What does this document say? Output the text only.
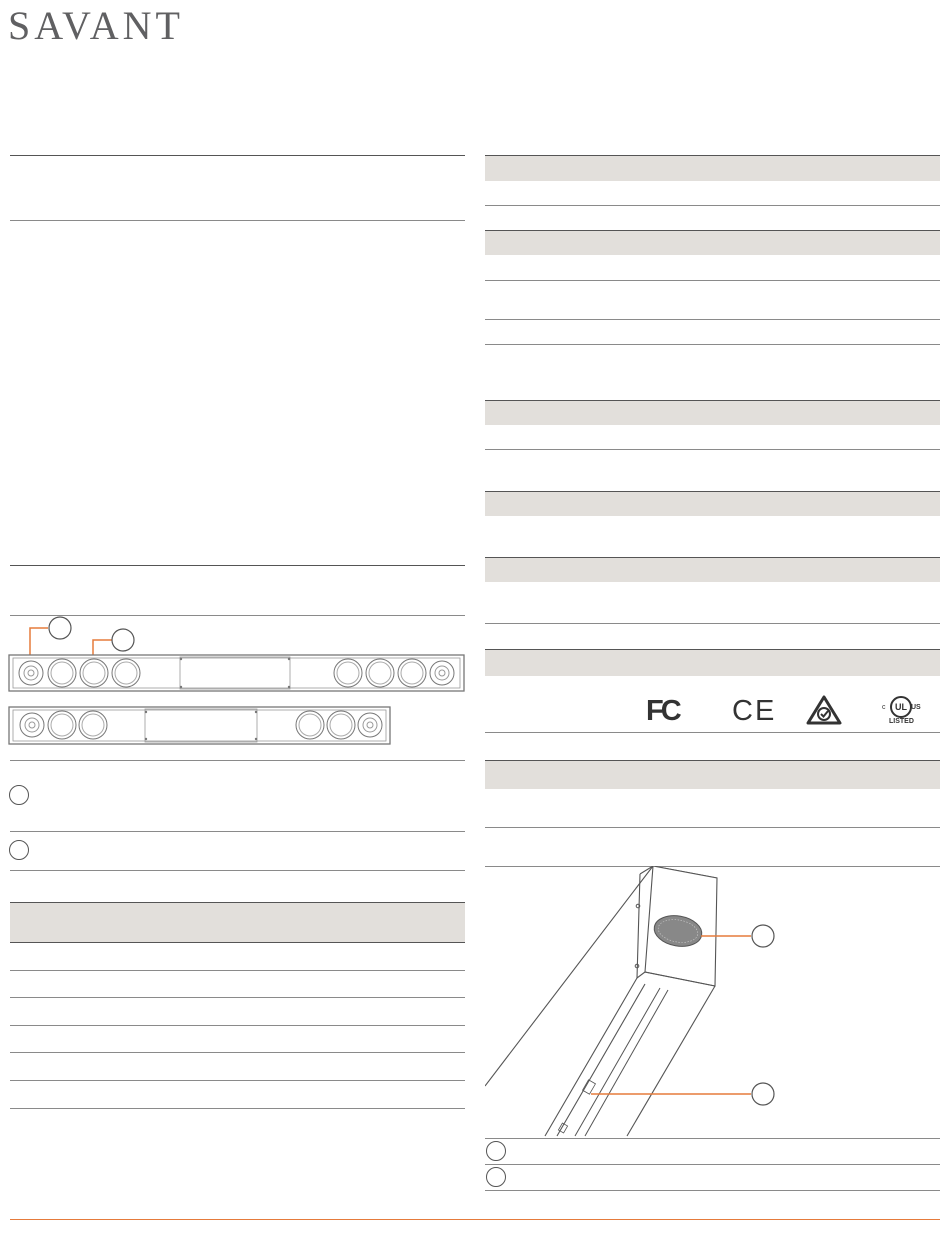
SAVANT
FC CE	c	UL US
LISTED
